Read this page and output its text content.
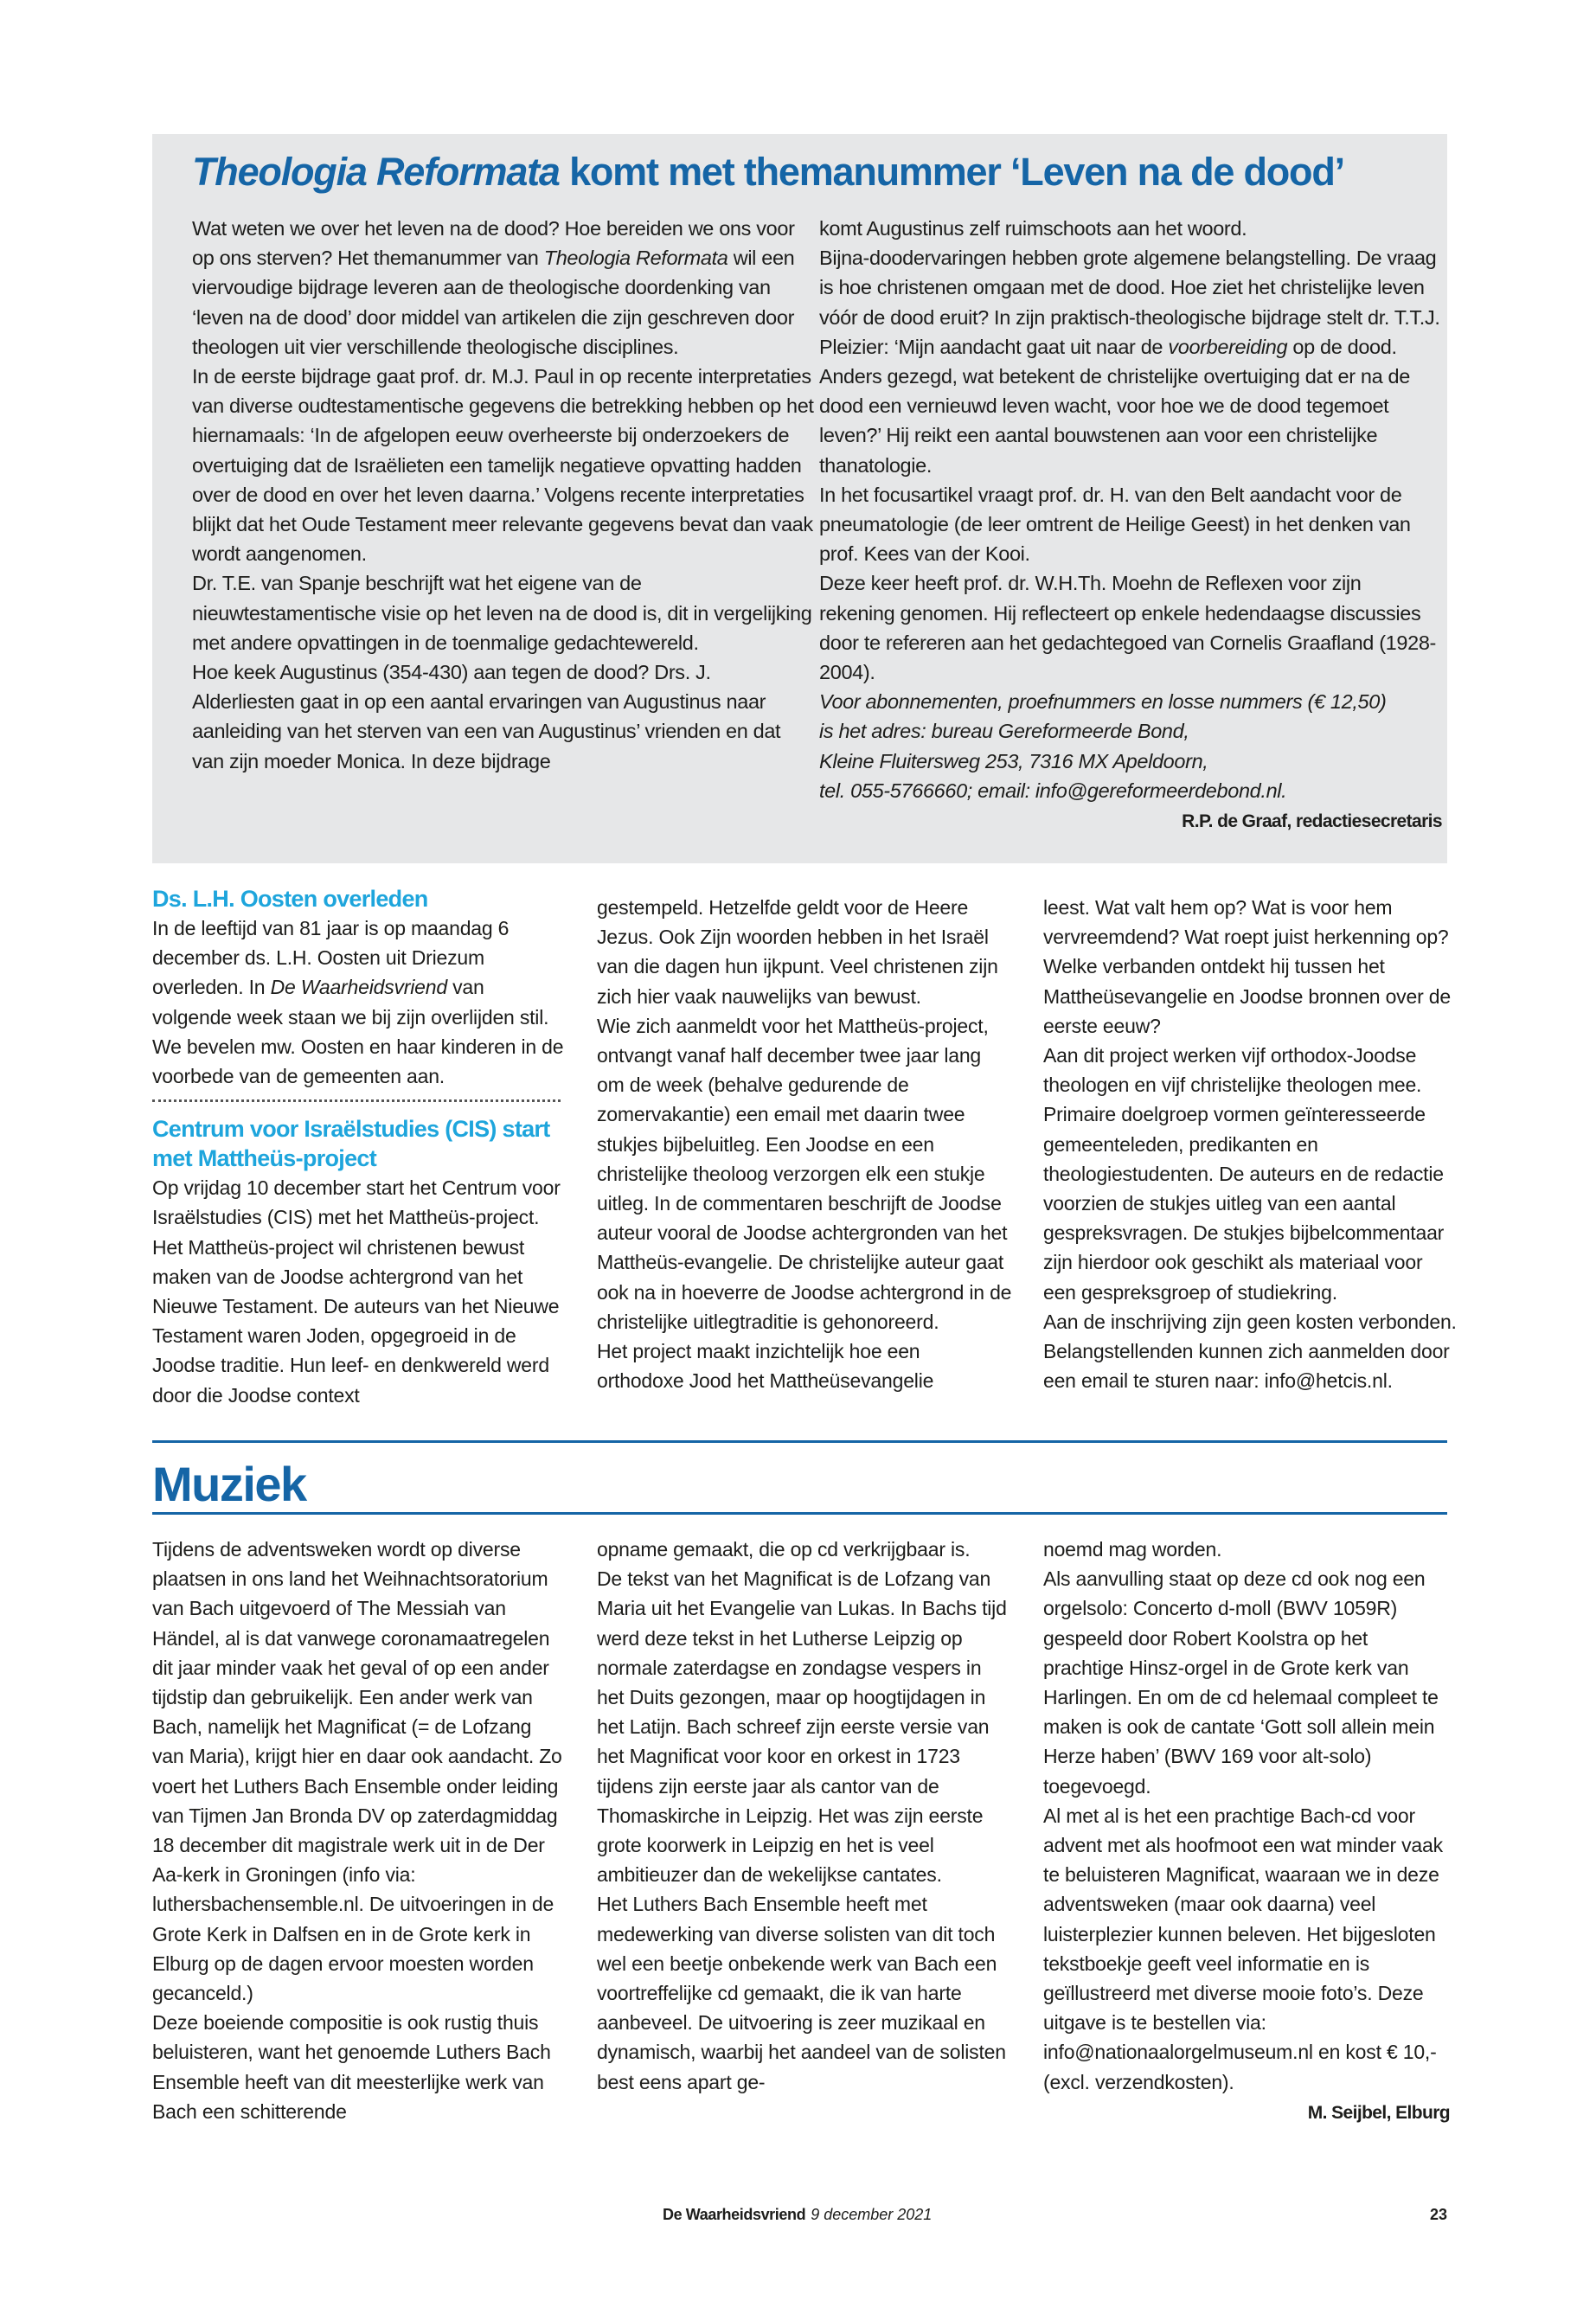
Theologia Reformata komt met themanummer ‘Leven na de dood’

Wat weten we over het leven na de dood? Hoe bereiden we ons voor op ons sterven? Het themanummer van Theologia Reformata wil een viervoudige bijdrage leveren aan de theologische doordenking van ‘leven na de dood’ door middel van artikelen die zijn geschreven door theologen uit vier verschillende theologische disciplines.

In de eerste bijdrage gaat prof. dr. M.J. Paul in op recente interpretaties van diverse oudtestamentische gegevens die betrekking hebben op het hiernamaals: ‘In de afgelopen eeuw overheerste bij onderzoekers de overtuiging dat de Israëlieten een tamelijk negatieve opvatting hadden over de dood en over het leven daarna.’ Volgens recente interpretaties blijkt dat het Oude Testament meer relevante gegevens bevat dan vaak wordt aangenomen.

Dr. T.E. van Spanje beschrijft wat het eigene van de nieuwtestamentische visie op het leven na de dood is, dit in vergelijking met andere opvattingen in de toenmalige gedachtewereld.

Hoe keek Augustinus (354-430) aan tegen de dood? Drs. J. Alderliesten gaat in op een aantal ervaringen van Augustinus naar aanleiding van het sterven van een van Augustinus’ vrienden en dat van zijn moeder Monica. In deze bijdrage

komt Augustinus zelf ruimschoots aan het woord.

Bijna-doodervaringen hebben grote algemene belangstelling. De vraag is hoe christenen omgaan met de dood. Hoe ziet het christelijke leven vóór de dood eruit? In zijn praktisch-theologische bijdrage stelt dr. T.T.J. Pleizier: ‘Mijn aandacht gaat uit naar de voorbereiding op de dood. Anders gezegd, wat betekent de christelijke overtuiging dat er na de dood een vernieuwd leven wacht, voor hoe we de dood tegemoet leven?’ Hij reikt een aantal bouwstenen aan voor een christelijke thanatologie.

In het focusartikel vraagt prof. dr. H. van den Belt aandacht voor de pneumatologie (de leer omtrent de Heilige Geest) in het denken van prof. Kees van der Kooi.

Deze keer heeft prof. dr. W.H.Th. Moehn de Reflexen voor zijn rekening genomen. Hij reflecteert op enkele hedendaagse discussies door te refereren aan het gedachtegoed van Cornelis Graafland (1928-2004).

Voor abonnementen, proefnummers en losse nummers (€ 12,50)
is het adres: bureau Gereformeerde Bond,
Kleine Fluitersweg 253, 7316 MX Apeldoorn,
tel. 055-5766660; email: info@gereformeerdebond.nl.

R.P. de Graaf, redactiesecretaris

Ds. L.H. Oosten overleden

In de leeftijd van 81 jaar is op maandag 6 december ds. L.H. Oosten uit Driezum overleden. In De Waarheidsvriend van volgende week staan we bij zijn overlijden stil. We bevelen mw. Oosten en haar kinderen in de voorbede van de gemeenten aan.

Centrum voor Israëlstudies (CIS) start met Mattheüs-project

Op vrijdag 10 december start het Centrum voor Israëlstudies (CIS) met het Mattheüs-project. Het Mattheüs-project wil christenen bewust maken van de Joodse achtergrond van het Nieuwe Testament. De auteurs van het Nieuwe Testament waren Joden, opgegroeid in de Joodse traditie. Hun leef- en denkwereld werd door die Joodse context

gestempeld. Hetzelfde geldt voor de Heere Jezus. Ook Zijn woorden hebben in het Israël van die dagen hun ijkpunt. Veel christenen zijn zich hier vaak nauwelijks van bewust.

Wie zich aanmeldt voor het Mattheüs-project, ontvangt vanaf half december twee jaar lang om de week (behalve gedurende de zomervakantie) een email met daarin twee stukjes bijbeluitleg. Een Joodse en een christelijke theoloog verzorgen elk een stukje uitleg. In de commentaren beschrijft de Joodse auteur vooral de Joodse achtergronden van het Mattheüs-evangelie. De christelijke auteur gaat ook na in hoeverre de Joodse achtergrond in de christelijke uitlegtraditie is gehonoreerd.

Het project maakt inzichtelijk hoe een orthodoxe Jood het Mattheüsevangelie

leest. Wat valt hem op? Wat is voor hem vervreemdend? Wat roept juist herkenning op? Welke verbanden ontdekt hij tussen het Mattheüsevangelie en Joodse bronnen over de eerste eeuw?

Aan dit project werken vijf orthodox-Joodse theologen en vijf christelijke theologen mee. Primaire doelgroep vormen geïnteresseerde gemeenteleden, predikanten en theologiestudenten. De auteurs en de redactie voorzien de stukjes uitleg van een aantal gespreksvragen. De stukjes bijbelcommentaar zijn hierdoor ook geschikt als materiaal voor een gespreksgroep of studiekring.

Aan de inschrijving zijn geen kosten verbonden. Belangstellenden kunnen zich aanmelden door een email te sturen naar: info@hetcis.nl.

Muziek

Tijdens de adventsweken wordt op diverse plaatsen in ons land het Weihnachtsoratorium van Bach uitgevoerd of The Messiah van Händel, al is dat vanwege coronamaatregelen dit jaar minder vaak het geval of op een ander tijdstip dan gebruikelijk. Een ander werk van Bach, namelijk het Magnificat (= de Lofzang van Maria), krijgt hier en daar ook aandacht. Zo voert het Luthers Bach Ensemble onder leiding van Tijmen Jan Bronda DV op zaterdagmiddag 18 december dit magistrale werk uit in de Der Aa-kerk in Groningen (info via: luthersbachensemble.nl. De uitvoeringen in de Grote Kerk in Dalfsen en in de Grote kerk in Elburg op de dagen ervoor moesten worden gecanceld.)

Deze boeiende compositie is ook rustig thuis beluisteren, want het genoemde Luthers Bach Ensemble heeft van dit meesterlijke werk van Bach een schitterende

opname gemaakt, die op cd verkrijgbaar is.

De tekst van het Magnificat is de Lofzang van Maria uit het Evangelie van Lukas. In Bachs tijd werd deze tekst in het Lutherse Leipzig op normale zaterdagse en zondagse vespers in het Duits gezongen, maar op hoogtijdagen in het Latijn. Bach schreef zijn eerste versie van het Magnificat voor koor en orkest in 1723 tijdens zijn eerste jaar als cantor van de Thomaskirche in Leipzig. Het was zijn eerste grote koorwerk in Leipzig en het is veel ambitieuzer dan de wekelijkse cantates.

Het Luthers Bach Ensemble heeft met medewerking van diverse solisten van dit toch wel een beetje onbekende werk van Bach een voortreffelijke cd gemaakt, die ik van harte aanbeveel. De uitvoering is zeer muzikaal en dynamisch, waarbij het aandeel van de solisten best eens apart ge-

noemd mag worden.

Als aanvulling staat op deze cd ook nog een orgelsolo: Concerto d-moll (BWV 1059R) gespeeld door Robert Koolstra op het prachtige Hinsz-orgel in de Grote kerk van Harlingen. En om de cd helemaal compleet te maken is ook de cantate ‘Gott soll allein mein Herze haben’ (BWV 169 voor alt-solo) toegevoegd.

Al met al is het een prachtige Bach-cd voor advent met als hoofmoot een wat minder vaak te beluisteren Magnificat, waaraan we in deze adventsweken (maar ook daarna) veel luisterplezier kunnen beleven. Het bijgesloten tekstboekje geeft veel informatie en is geïllustreerd met diverse mooie foto’s. Deze uitgave is te bestellen via: info@nationaalorgelmuseum.nl en kost € 10,- (excl. verzendkosten).

M. Seijbel, Elburg

De Waarheidsvriend 9 december 2021	23
